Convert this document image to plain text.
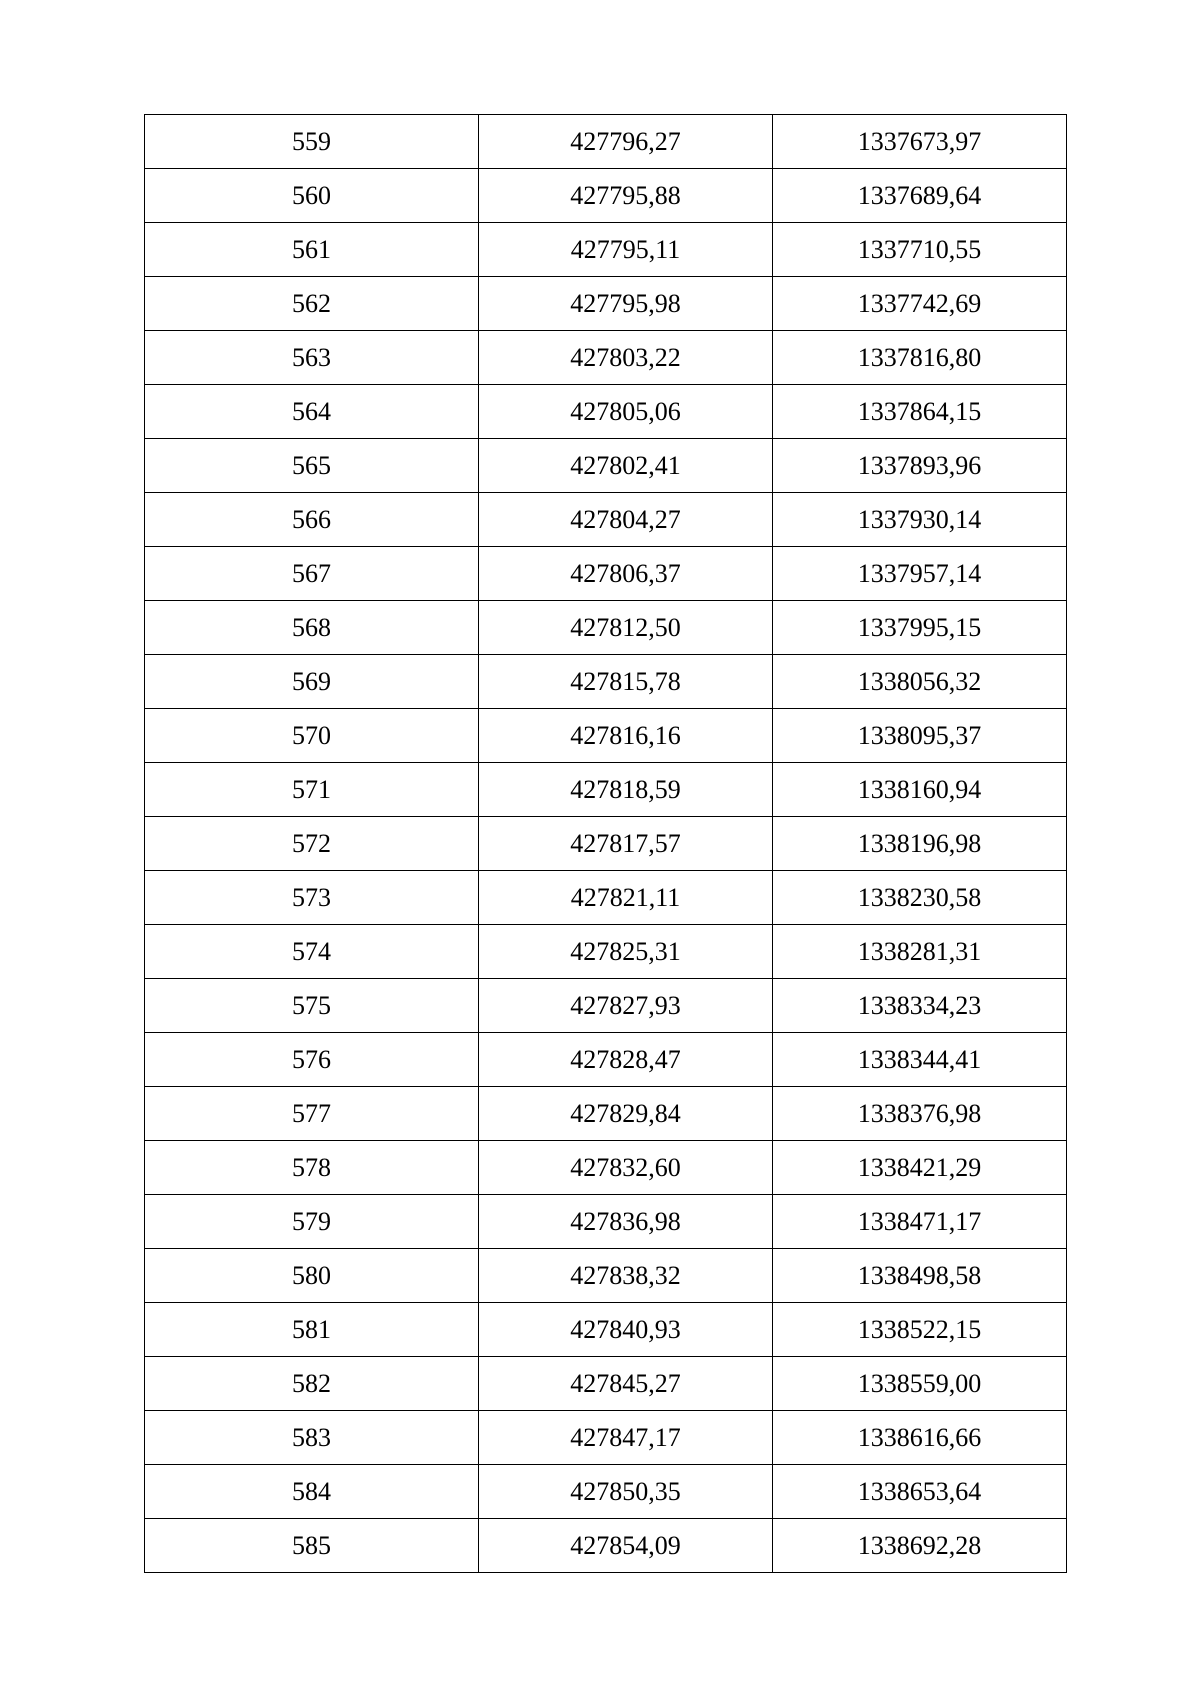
559	427796,27	1337673,97
560	427795,88	1337689,64
561	427795,11	1337710,55
562	427795,98	1337742,69
563	427803,22	1337816,80
564	427805,06	1337864,15
565	427802,41	1337893,96
566	427804,27	1337930,14
567	427806,37	1337957,14
568	427812,50	1337995,15
569	427815,78	1338056,32
570	427816,16	1338095,37
571	427818,59	1338160,94
572	427817,57	1338196,98
573	427821,11	1338230,58
574	427825,31	1338281,31
575	427827,93	1338334,23
576	427828,47	1338344,41
577	427829,84	1338376,98
578	427832,60	1338421,29
579	427836,98	1338471,17
580	427838,32	1338498,58
581	427840,93	1338522,15
582	427845,27	1338559,00
583	427847,17	1338616,66
584	427850,35	1338653,64
585	427854,09	1338692,28
